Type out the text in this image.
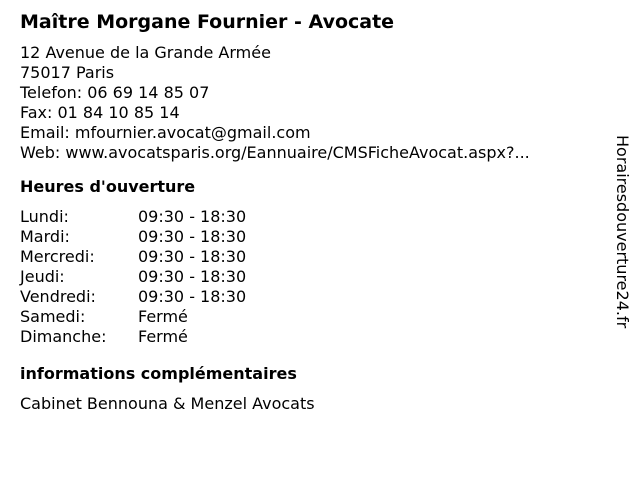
Maître Morgane Fournier - Avocate
12 Avenue de la Grande Armée
75017 Paris
Telefon: 06 69 14 85 07
Fax: 01 84 10 85 14
Email: mfournier.avocat@gmail.com
Web: www.avocatsparis.org/Eannuaire/CMSFicheAvocat.aspx?...
Heures d'ouverture
Lundi:	09:30 - 18:30
Mardi:	09:30 - 18:30
Mercredi:	09:30 - 18:30
Jeudi:	09:30 - 18:30
Vendredi:	09:30 - 18:30
Samedi:	Fermé
Dimanche:	Fermé
informations complémentaires
Cabinet Bennouna & Menzel Avocats
Horairesdouverture24.fr
